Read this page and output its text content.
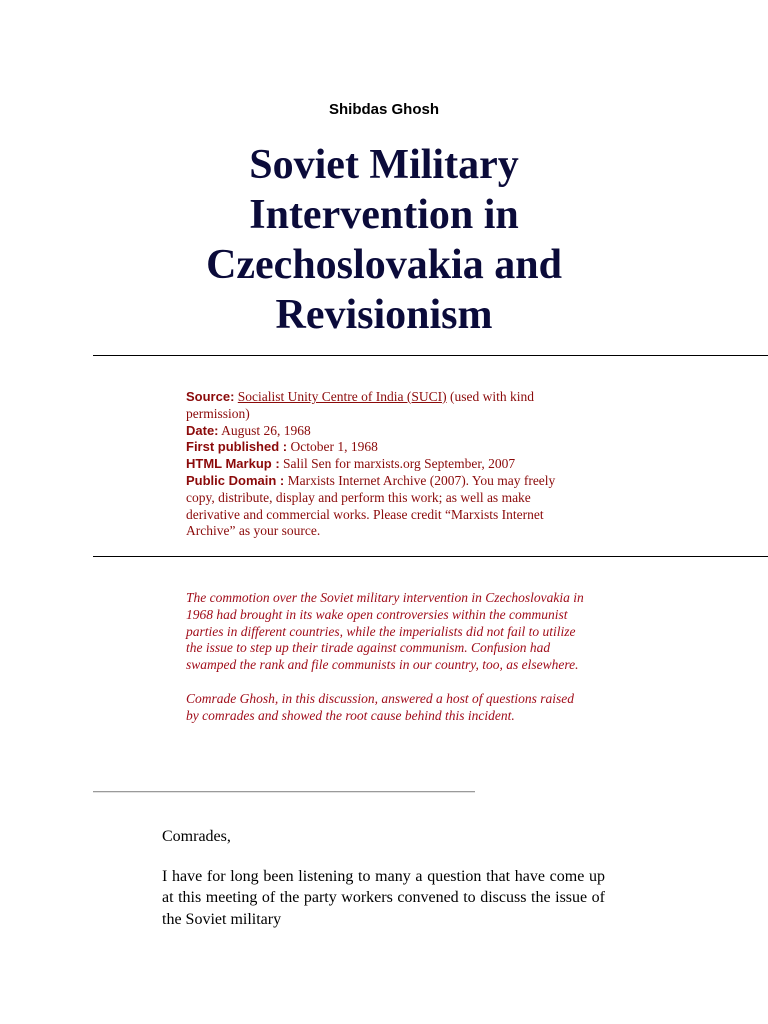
Shibdas Ghosh
Soviet Military Intervention in Czechoslovakia and Revisionism
Source: Socialist Unity Centre of India (SUCI) (used with kind permission)
Date: August 26, 1968
First published : October 1, 1968
HTML Markup : Salil Sen for marxists.org September, 2007
Public Domain : Marxists Internet Archive (2007). You may freely copy, distribute, display and perform this work; as well as make derivative and commercial works. Please credit “Marxists Internet Archive” as your source.

The commotion over the Soviet military intervention in Czechoslovakia in 1968 had brought in its wake open controversies within the communist parties in different countries, while the imperialists did not fail to utilize the issue to step up their tirade against communism. Confusion had swamped the rank and file communists in our country, too, as elsewhere.

Comrade Ghosh, in this discussion, answered a host of questions raised by comrades and showed the root cause behind this incident.

Comrades,

I have for long been listening to many a question that have come up at this meeting of the party workers convened to discuss the issue of the Soviet military
